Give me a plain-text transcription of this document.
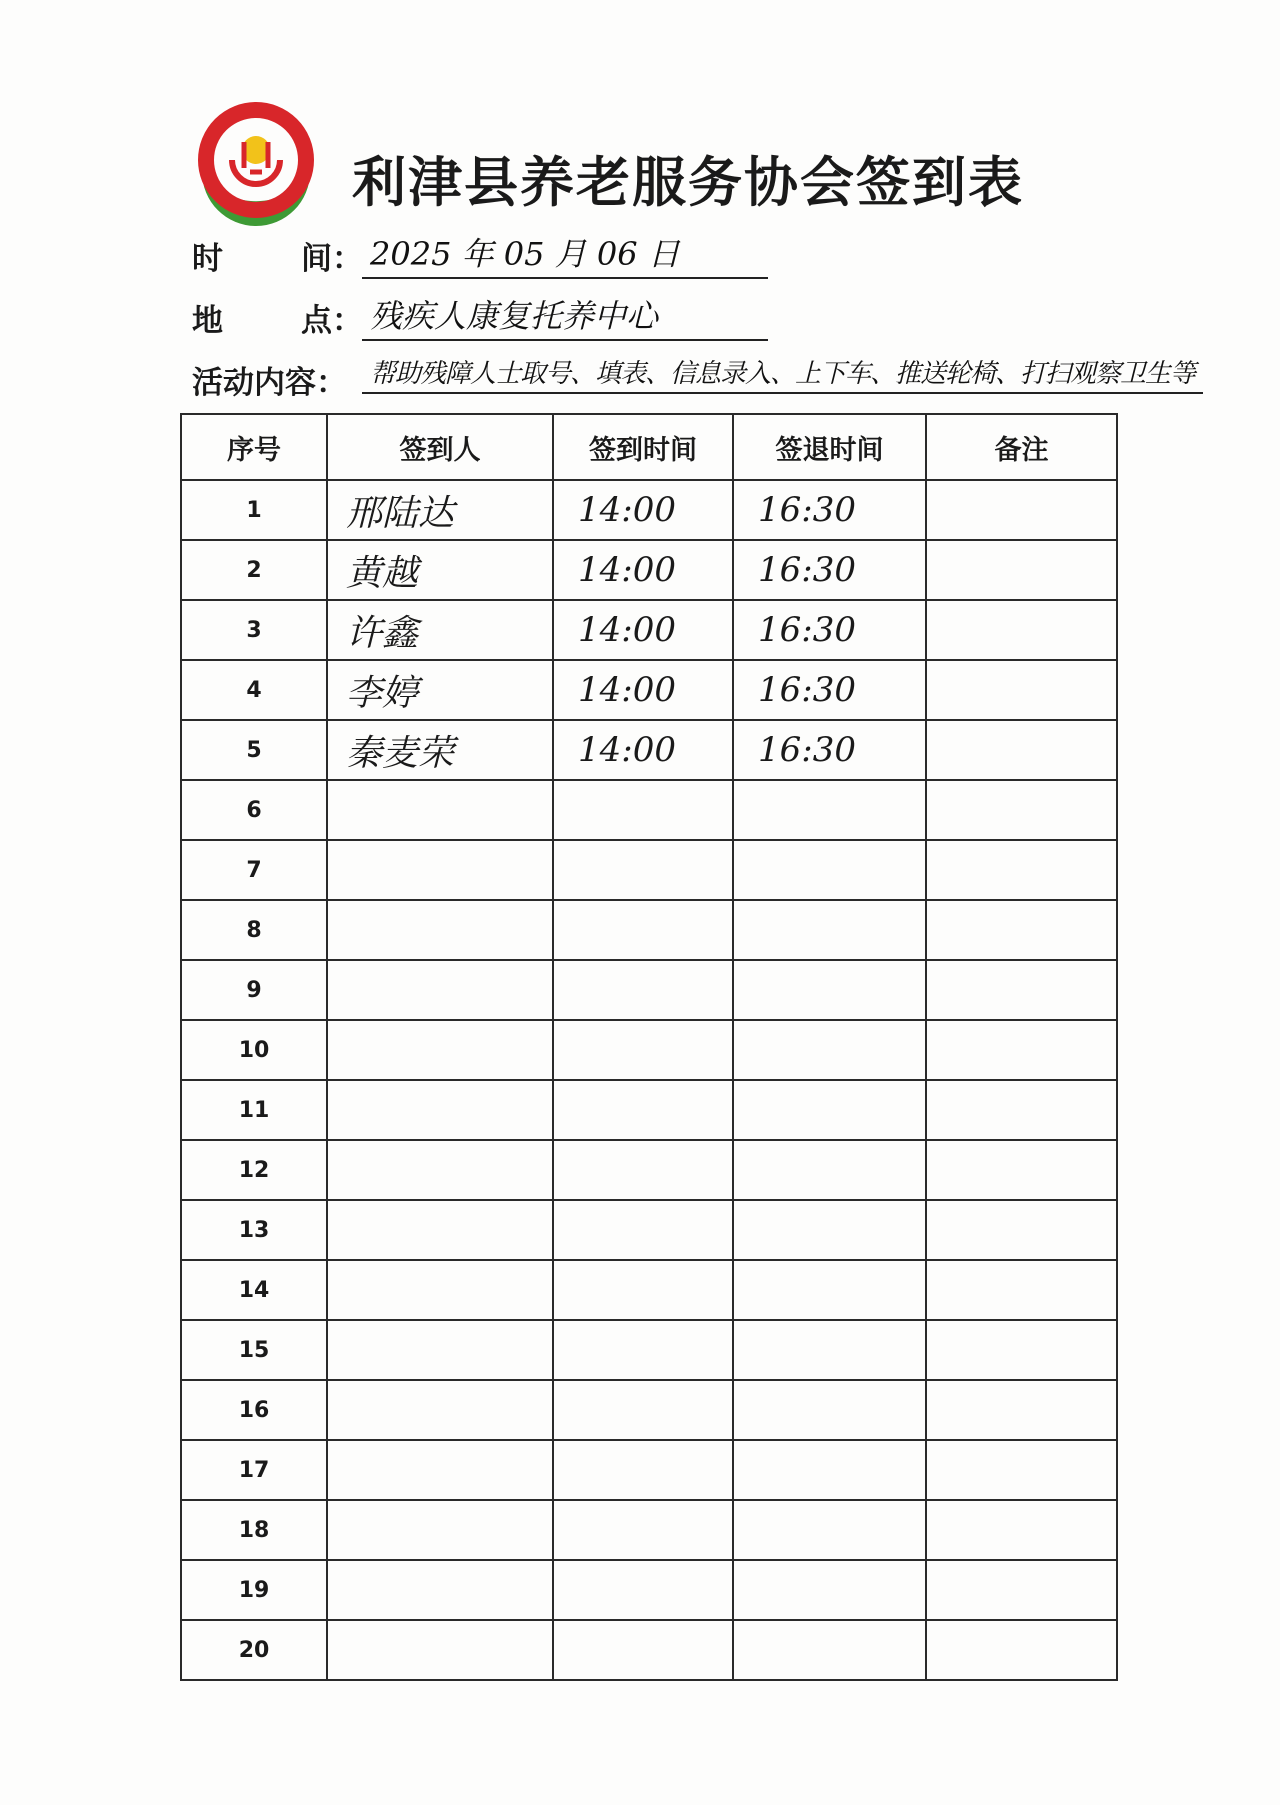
利津县养老服务协会签到表
时间： 2025 年 05 月 06 日
地点： 残疾人康复托养中心
活动内容： 帮助残障人士取号、填表、信息录入、上下车、推送轮椅、打扫观察卫生等
序号	签到人	签到时间	签退时间	备注
1	邢陆达	14:00	16:30	
2	黄越	14:00	16:30	
3	许鑫	14:00	16:30	
4	李婷	14:00	16:30	
5	秦麦荣	14:00	16:30	
6				
7				
8				
9				
10				
11				
12				
13				
14				
15				
16				
17				
18				
19				
20				
